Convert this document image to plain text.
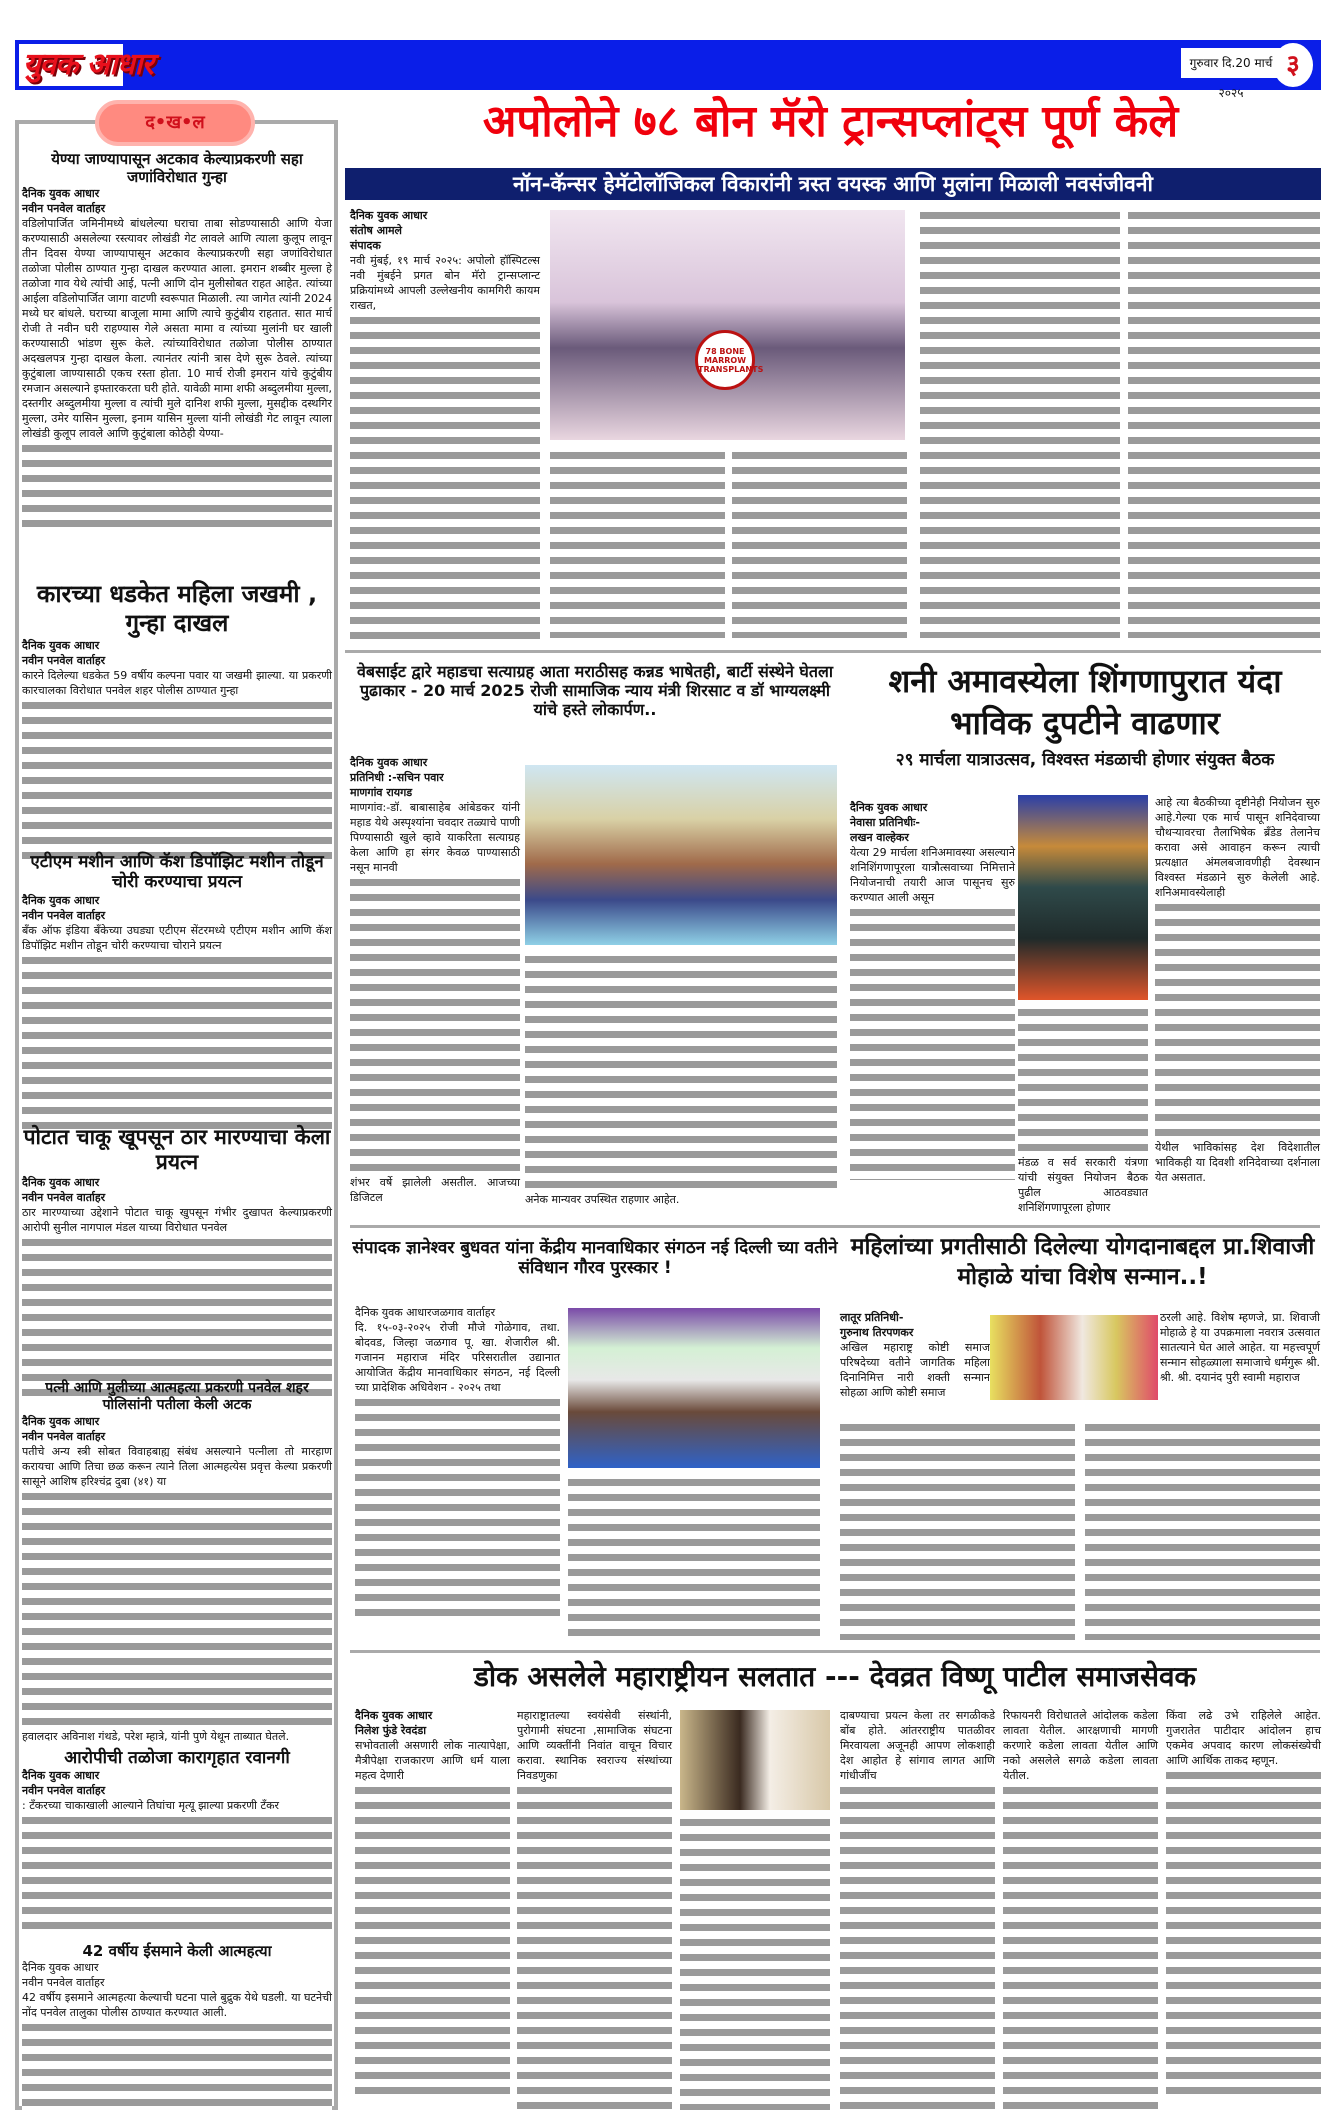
युवक आधार	गुरुवार दि.20 मार्च २०२५
३
द•ख•ल
येण्या जाण्यापासून अटकाव केल्याप्रकरणी सहा जणांविरोधात गुन्हा
दैनिक युवक आधार
नवीन पनवेल वार्ताहर
वडिलोपार्जित जमिनीमध्ये बांधलेल्या घराचा ताबा सोडण्यासाठी आणि येजा करण्यासाठी असलेल्या रस्त्यावर लोखंडी गेट लावले आणि त्याला कुलूप लावून तीन दिवस येण्या जाण्यापासून अटकाव केल्याप्रकरणी सहा जणांविरोधात तळोजा पोलीस ठाण्यात गुन्हा दाखल करण्यात आला. इमरान शब्बीर मुल्ला हे तळोजा गाव येथे त्यांची आई, पत्नी आणि दोन मुलीसोबत राहत आहेत. त्यांच्या आईला वडिलोपार्जित जागा वाटणी स्वरूपात मिळाली. त्या जागेत त्यांनी 2024 मध्ये घर बांधले. घराच्या बाजूला मामा आणि त्याचे कुटुंबीय राहतात. सात मार्च रोजी ते नवीन घरी राहण्यास गेले असता मामा व त्यांच्या मुलांनी घर खाली करण्यासाठी भांडण सुरू केले. त्यांच्याविरोधात तळोजा पोलीस ठाण्यात अदखलपत्र गुन्हा दाखल केला. त्यानंतर त्यांनी त्रास देणे सुरू ठेवले. त्यांच्या कुटुंबाला जाण्यासाठी एकच रस्ता होता. 10 मार्च रोजी इमरान यांचे कुटुंबीय रमजान असल्याने इफ्तारकरता घरी होते. यावेळी मामा शफी अब्दुलमीया मुल्ला, दस्तगीर अब्दुलमीया मुल्ला व त्यांची मुले दानिश शफी मुल्ला, मुसद्दीक दस्थगिर मुल्ला, उमेर यासिन मुल्ला, इनाम यासिन मुल्ला यांनी लोखंडी गेट लावून त्याला लोखंडी कुलूप लावले आणि कुटुंबाला कोठेही येण्या-
कारच्या धडकेत महिला जखमी , गुन्हा दाखल
दैनिक युवक आधार
नवीन पनवेल वार्ताहर
कारने दिलेल्या धडकेत 59 वर्षीय कल्पना पवार या जखमी झाल्या. या प्रकरणी कारचालका विरोधात पनवेल शहर पोलीस ठाण्यात गुन्हा
एटीएम मशीन आणि कॅश डिपॉझिट मशीन तोडून चोरी करण्याचा प्रयत्न
दैनिक युवक आधार
नवीन पनवेल वार्ताहर
बँक ऑफ इंडिया बँकेच्या उघड्या एटीएम सेंटरमध्ये एटीएम मशीन आणि कॅश डिपॉझिट मशीन तोडून चोरी करण्याचा चोराने प्रयत्न
पोटात चाकू खूपसून ठार मारण्याचा केला प्रयत्न
दैनिक युवक आधार
नवीन पनवेल वार्ताहर
ठार मारण्याच्या उद्देशाने पोटात चाकू खुपसून गंभीर दुखापत केल्याप्रकरणी आरोपी सुनील नागपाल मंडल याच्या विरोधात पनवेल
पत्नी आणि मुलीच्या आत्महत्या प्रकरणी पनवेल शहर पोलिसांनी पतीला केली अटक
दैनिक युवक आधार
नवीन पनवेल वार्ताहर
पतीचे अन्य स्त्री सोबत विवाहबाह्य संबंध असल्याने पत्नीला तो मारहाण करायचा आणि तिचा छळ करून त्याने तिला आत्महत्येस प्रवृत्त केल्या प्रकरणी सासूने आशिष हरिश्चंद्र दुबा (४१) या
हवालदार अविनाश गंथडे, परेश म्हात्रे, यांनी पुणे येथून ताब्यात घेतले.
आरोपीची तळोजा कारागृहात रवानगी
दैनिक युवक आधार
नवीन पनवेल वार्ताहर
: टँकरच्या चाकाखाली आल्याने तिघांचा मृत्यू झाल्या प्रकरणी टँकर
42 वर्षीय ईसमाने केली आत्महत्या
दैनिक युवक आधार
नवीन पनवेल वार्ताहर
42 वर्षीय इसमाने आत्महत्या केल्याची घटना पाले बुद्रुक येथे घडली. या घटनेची नोंद पनवेल तालुका पोलीस ठाण्यात करण्यात आली.
अपोलोने ७८ बोन मॅरो ट्रान्सप्लांट्स पूर्ण केले
नॉन-कॅन्सर हेमॅटोलॉजिकल विकारांनी त्रस्त वयस्क आणि मुलांना मिळाली नवसंजीवनी
दैनिक युवक आधार
संतोष आमले
संपादक
नवी मुंबई, १९ मार्च २०२५: अपोलो हॉस्पिटल्स नवी मुंबईने प्रगत बोन मॅरो ट्रान्सप्लान्ट प्रक्रियांमध्ये आपली उल्लेखनीय कामगिरी कायम राखत,
78 BONE MARROW TRANSPLANTS
वेबसाईट द्वारे महाडचा सत्याग्रह आता मराठीसह कन्नड भाषेतही, बार्टी संस्थेने घेतला पुढाकार - 20 मार्च 2025 रोजी सामाजिक न्याय मंत्री शिरसाट व डॉ भाग्यलक्ष्मी यांचे हस्ते लोकार्पण..
दैनिक युवक आधार
प्रतिनिधी :-सचिन पवार
माणगांव रायगड
माणगांव:-डॉ. बाबासाहेब आंबेडकर यांनी महाड येथे अस्पृश्यांना चवदार तळ्याचे पाणी पिण्यासाठी खुले व्हावे याकरिता सत्याग्रह केला आणि हा संगर केवळ पाण्यासाठी नसून मानवी
शंभर वर्षे झालेली असतील. आजच्या डिजिटल	अनेक मान्यवर उपस्थित राहणार आहेत.
शनी अमावस्येला शिंगणापुरात यंदा भाविक दुपटीने वाढणार
२९ मार्चला यात्राउत्सव, विश्वस्त मंडळाची होणार संयुक्त बैठक
दैनिक युवक आधार
नेवासा प्रतिनिधीः-
लखन वाल्हेकर
येत्या 29 मार्चला शनिअमावस्या असल्याने शनिशिंगणापूरला यात्रौत्सवाच्या निमित्ताने नियोजनाची तयारी आज पासूनच सुरु करण्यात आली असून
आहे त्या बैठकीच्या दृष्टीनेही नियोजन सुरु आहे.गेल्या एक मार्च पासून शनिदेवाच्या चौथऱ्यावरचा तैलाभिषेक ब्रँडेड तेलानेच करावा असे आवाहन करून त्याची प्रत्यक्षात अंमलबजावणीही देवस्थान विश्वस्त मंडळाने सुरु केलेली आहे. शनिअमावस्येलाही
येथील भाविकांसह देश विदेशातील भाविकही या दिवशी शनिदेवाच्या दर्शनाला येत असतात.
मंडळ व सर्व सरकारी यंत्रणा यांची संयुक्त नियोजन बैठक पुढील आठवड्यात शनिशिंगणापूरला होणार
संपादक ज्ञानेश्वर बुधवत यांना केंद्रीय मानवाधिकार संगठन नई दिल्ली च्या वतीने संविधान गौरव पुरस्कार !
दैनिक युवक आधारजळगाव वार्ताहर
दि. १५-०३-२०२५ रोजी मौजे गोळेगाव, तथा. बोदवड, जिल्हा जळगाव पू. खा. शेजारील श्री. गजानन महाराज मंदिर परिसरातील उद्यानात आयोजित केंद्रीय मानवाधिकार संगठन, नई दिल्ली च्या प्रादेशिक अधिवेशन - २०२५ तथा
महिलांच्या प्रगतीसाठी दिलेल्या योगदानाबद्दल प्रा.शिवाजी मोहाळे यांचा विशेष सन्मान..!
लातूर प्रतिनिधी-
गुरुनाथ तिरपणकर
अखिल महाराष्ट्र कोष्टी समाज परिषदेच्या वतीने जागतिक महिला दिनानिमित्त नारी शक्ती सन्मान सोहळा आणि कोष्टी समाज
ठरली आहे. विशेष म्हणजे, प्रा. शिवाजी मोहाळे हे या उपक्रमाला नवरात्र उत्सवात सातत्याने घेत आले आहेत. या महत्त्वपूर्ण सन्मान सोहळ्याला समाजाचे धर्मगुरू श्री. श्री. श्री. दयानंद पुरी स्वामी महाराज
डोक असलेले महाराष्ट्रीयन सलतात --- देवव्रत विष्णू पाटील समाजसेवक
दैनिक युवक आधार
निलेश फुंडे रेवदंडा
सभोवताली असणारी लोक नात्यापेक्षा, मैत्रीपेक्षा राजकारण आणि धर्म याला महत्व देणारी
महाराष्ट्रातल्या स्वयंसेवी संस्थांनी, पुरोगामी संघटना ,सामाजिक संघटना आणि व्यक्तींनी निवांत वाचून विचार करावा. स्थानिक स्वराज्य संस्थांच्या निवडणुका
दाबण्याचा प्रयत्न केला तर सगळीकडे बोंब होते. आंतरराष्ट्रीय पातळीवर मिरवायला अजूनही आपण लोकशाही देश आहोत हे सांगाव लागत आणि गांधीजींच
रिफायनरी विरोधातले आंदोलक कडेला लावता येतील. आरक्षणाची मागणी करणारे कडेला लावता येतील आणि नको असलेले सगळे कडेला लावता येतील.
किंवा लढे उभे राहिलेले आहेत. गुजरातेत पाटीदार आंदोलन हाच एकमेव अपवाद कारण लोकसंख्येची आणि आर्थिक ताकद म्हणून.
